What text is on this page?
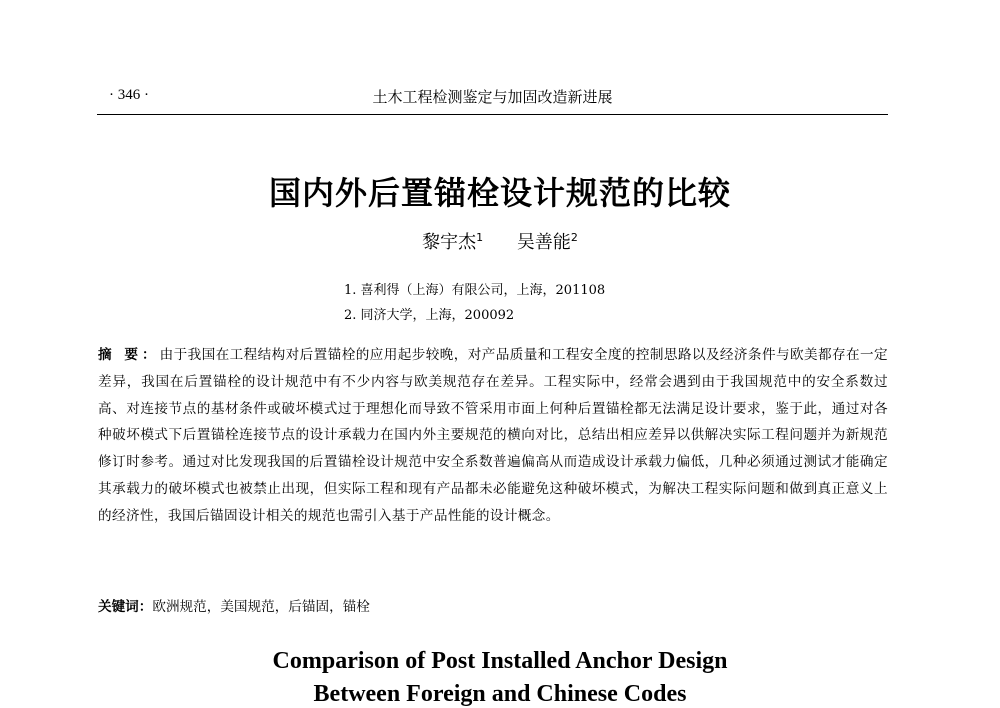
· 346 ·	土木工程检测鉴定与加固改造新进展
国内外后置锚栓设计规范的比较
黎宇杰$^1$ 吴善能$^2$
1. 喜利得（上海）有限公司，上海，201108
2. 同济大学，上海，200092
摘 要：由于我国在工程结构对后置锚栓的应用起步较晚，对产品质量和工程安全度的控制思路以及经济条件与欧美都存在一定差异，我国在后置锚栓的设计规范中有不少内容与欧美规范存在差异。工程实际中，经常会遇到由于我国规范中的安全系数过高、对连接节点的基材条件或破坏模式过于理想化而导致不管采用市面上何种后置锚栓都无法满足设计要求，鉴于此，通过对各种破坏模式下后置锚栓连接节点的设计承载力在国内外主要规范的横向对比，总结出相应差异以供解决实际工程问题并为新规范修订时参考。通过对比发现我国的后置锚栓设计规范中安全系数普遍偏高从而造成设计承载力偏低，几种必须通过测试才能确定其承载力的破坏模式也被禁止出现，但实际工程和现有产品都未必能避免这种破坏模式，为解决工程实际问题和做到真正意义上的经济性，我国后锚固设计相关的规范也需引入基于产品性能的设计概念。
关键词：欧洲规范，美国规范，后锚固，锚栓
Comparison of Post Installed Anchor Design
Between Foreign and Chinese Codes
